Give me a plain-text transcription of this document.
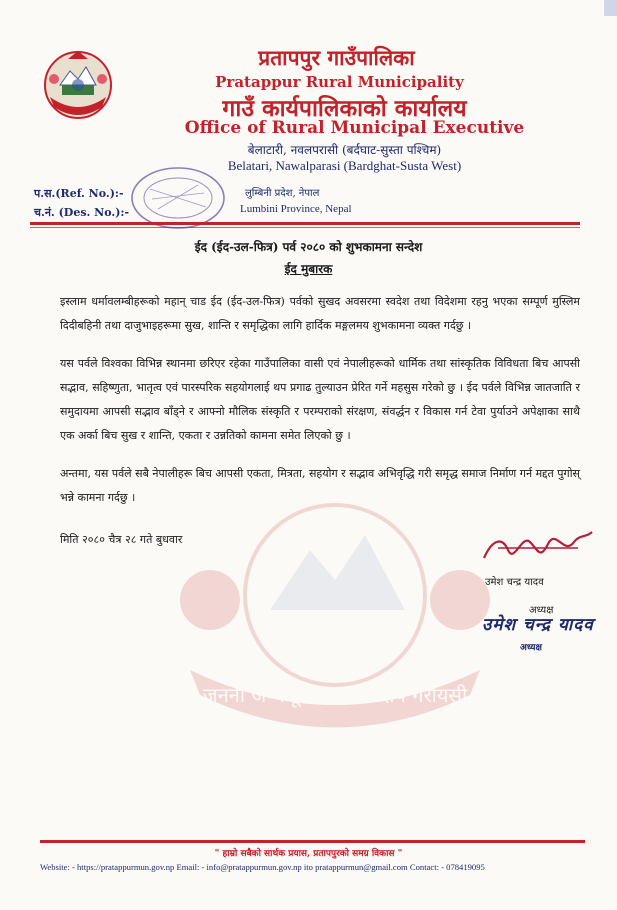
प्रतापपुर गाउँपालिका
Pratappur Rural Municipality
गाउँ कार्यपालिकाको कार्यालय
Office of Rural Municipal Executive
बेलाटारी, नवलपरासी (बर्दघाट-सुस्ता पश्चिम)
Belatari, Nawalparasi (Bardghat-Susta West)
प.स.(Ref. No.):-
च.नं. (Des. No.):-
लुम्बिनी प्रदेश, नेपाल
Lumbini Province, Nepal
ईद (ईद-उल-फित्र) पर्व २०८० को शुभकामना सन्देश
ईद मुबारक
जननी जन्मभूमिश्च स्वर्गादपि गरीयसी
इस्लाम धर्मावलम्बीहरूको महान् चाड ईद (ईद-उल-फित्र) पर्वको सुखद अवसरमा स्वदेश तथा विदेशमा रहनु भएका सम्पूर्ण मुस्लिम दिदीबहिनी तथा दाजुभाइहरूमा सुख, शान्ति र समृद्धिका लागि हार्दिक मङ्गलमय शुभकामना व्यक्त गर्दछु ।
यस पर्वले विश्वका विभिन्न स्थानमा छरिएर रहेका गाउँपालिका वासी एवं नेपालीहरूको धार्मिक तथा सांस्कृतिक विविधता बिच आपसी सद्भाव, सहिष्णुता, भातृत्व एवं पारस्परिक सहयोगलाई थप प्रगाढ तुल्याउन प्रेरित गर्ने महसुस गरेको छु । ईद पर्वले विभिन्न जातजाति र समुदायमा आपसी सद्भाव बाँड्ने र आफ्नो मौलिक संस्कृति र परम्पराको संरक्षण, संवर्द्धन र विकास गर्न टेवा पुर्याउने अपेक्षाका साथै एक अर्का बिच सुख र शान्ति, एकता र उन्नतिको कामना समेत लिएको छु ।
अन्तमा, यस पर्वले सबै नेपालीहरू बिच आपसी एकता, मित्रता, सहयोग र सद्भाव अभिवृद्धि गरी समृद्ध समाज निर्माण गर्न मद्दत पुगोस् भन्ने कामना गर्दछु ।
मिति २०८० चैत्र २८ गते बुधवार
उमेश चन्द्र यादव
अध्यक्ष
उमेश चन्द्र यादव
अध्यक्ष
" हाम्रो सबैको सार्थक प्रयास, प्रतापपुरको समग्र विकास "
Website: - https://pratappurmun.gov.np Email: - info@pratappurmun.gov.np ito pratappurmun@gmail.com Contact: - 078419095
